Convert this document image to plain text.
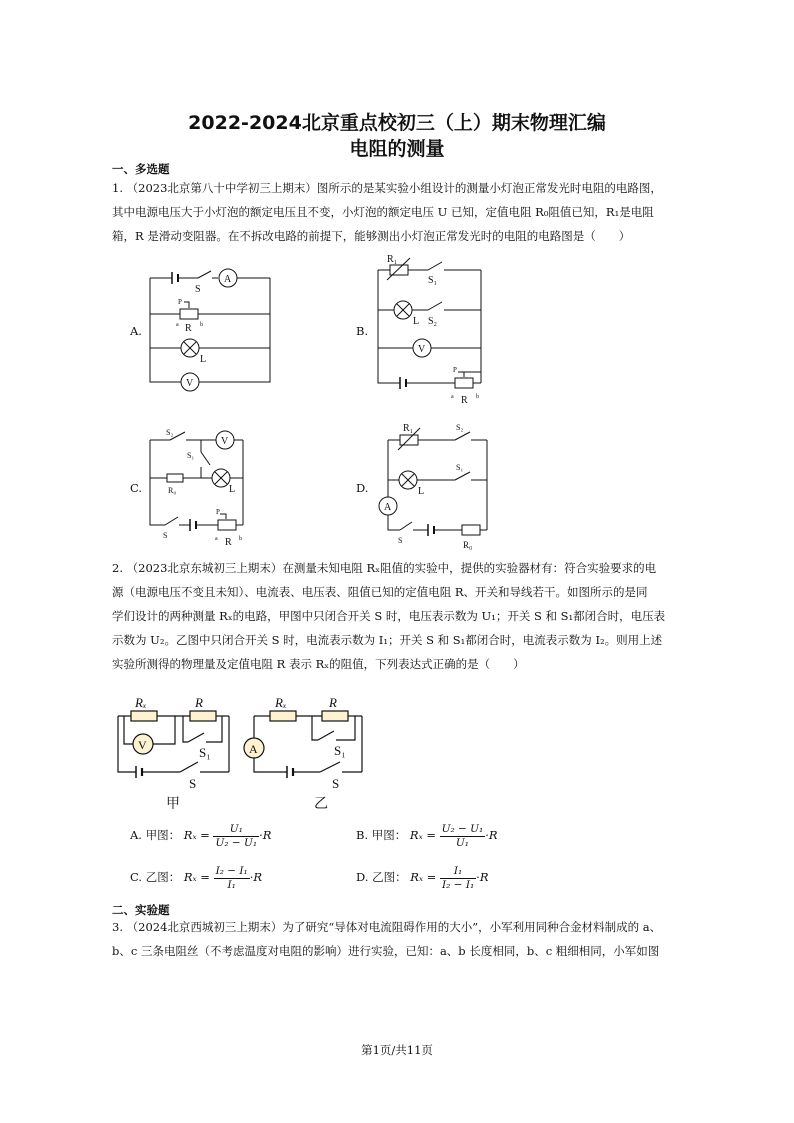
2022-2024北京重点校初三（上）期末物理汇编
电阻的测量
一、多选题
1. （2023北京第八十中学初三上期末）图所示的是某实验小组设计的测量小灯泡正常发光时电阻的电路图，
其中电源电压大于小灯泡的额定电压且不变，小灯泡的额定电压 U 已知，定值电阻 R₀阻值已知，R₁是电阻
箱，R 是滑动变阻器。在不拆改电路的前提下，能够测出小灯泡正常发光时的电阻的电路图是（　　）
A.	B.
C.	D.
S
A
P
a R b
L
V
R₁
S₁
L S₂
V
P
a R b
S₂
V
S₁
R₀	L
S
P
a R b
R₁	S₂
S₁
L
A
S	R₀
2. （2023北京东城初三上期末）在测量未知电阻 Rₓ阻值的实验中，提供的实验器材有：符合实验要求的电
源（电源电压不变且未知）、电流表、电压表、阻值已知的定值电阻 R、开关和导线若干。如图所示的是同
学们设计的两种测量 Rₓ的电路，甲图中只闭合开关 S 时，电压表示数为 U₁；开关 S 和 S₁都闭合时，电压表
示数为 U₂。乙图中只闭合开关 S 时，电流表示数为 I₁；开关 S 和 S₁都闭合时，电流表示数为 I₂。则用上述
实验所测得的物理量及定值电阻 R 表示 Rₓ的阻值，下列表达式正确的是（　　）
Rₓ	R
V	S₁
S
甲
Rₓ	R
A	S₁
S
乙
A. 甲图： $R_x = \frac{\text{U₁}}{\text{U₂ − U₁}} \cdot R$	B. 甲图： $R_x = \frac{\text{U₂ − U₁}}{\text{U₁}} \cdot R$
C. 乙图： $R_x = \frac{\text{I₂ − I₁}}{\text{I₁}} \cdot R$	D. 乙图： $R_x = \frac{\text{I₁}}{\text{I₂ − I₁}} \cdot R$
二、实验题
3. （2024北京西城初三上期末）为了研究“导体对电流阻碍作用的大小”，小军利用同种合金材料制成的 a、
b、c 三条电阻丝（不考虑温度对电阻的影响）进行实验，已知：a、b 长度相同，b、c 粗细相同，小军如图
第1页/共11页
